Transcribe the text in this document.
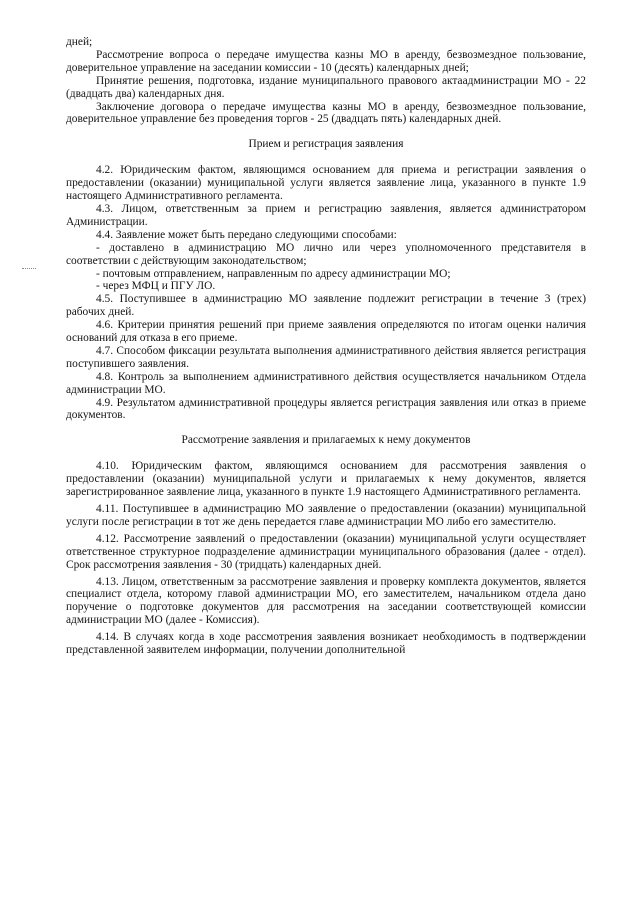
дней;

Рассмотрение вопроса о передаче имущества казны МО в аренду, безвозмездное пользование, доверительное управление на заседании комиссии - 10 (десять) календарных дней;

Принятие решения, подготовка, издание муниципального правового актаадминистрации МО - 22 (двадцать два) календарных дня.

Заключение договора о передаче имущества казны МО в аренду, безвозмездное пользование, доверительное управление без проведения торгов - 25 (двадцать пять) календарных дней.

Прием и регистрация заявления

4.2. Юридическим фактом, являющимся основанием для приема и регистрации заявления о предоставлении (оказании) муниципальной услуги является заявление лица, указанного в пункте 1.9 настоящего Административного регламента.

4.3. Лицом, ответственным за прием и регистрацию заявления, является администратором Администрации.

4.4. Заявление может быть передано следующими способами:

- доставлено в администрацию МО лично или через уполномоченного представителя в соответствии с действующим законодательством;

- почтовым отправлением, направленным по адресу администрации МО;

- через МФЦ и ПГУ ЛО.

4.5. Поступившее в администрацию МО заявление подлежит регистрации в течение 3 (трех) рабочих дней.

4.6. Критерии принятия решений при приеме заявления определяются по итогам оценки наличия оснований для отказа в его приеме.

4.7. Способом фиксации результата выполнения административного действия является регистрация поступившего заявления.

4.8. Контроль за выполнением административного действия осуществляется начальником Отдела администрации МО.

4.9. Результатом административной процедуры является регистрация заявления или отказ в приеме документов.

Рассмотрение заявления и прилагаемых к нему документов

4.10. Юридическим фактом, являющимся основанием для рассмотрения заявления о предоставлении (оказании) муниципальной услуги и прилагаемых к нему документов, является зарегистрированное заявление лица, указанного в пункте 1.9 настоящего Административного регламента.

4.11. Поступившее в администрацию МО заявление о предоставлении (оказании) муниципальной услуги после регистрации в тот же день передается главе администрации МО либо его заместителю.

4.12. Рассмотрение заявлений о предоставлении (оказании) муниципальной услуги осуществляет ответственное структурное подразделение администрации муниципального образования (далее - отдел). Срок рассмотрения заявления - 30 (тридцать) календарных дней.

4.13. Лицом, ответственным за рассмотрение заявления и проверку комплекта документов, является специалист отдела, которому главой администрации МО, его заместителем, начальником отдела дано поручение о подготовке документов для рассмотрения на заседании соответствующей комиссии администрации МО (далее - Комиссия).

4.14. В случаях когда в ходе рассмотрения заявления возникает необходимость в подтверждении представленной заявителем информации, получении дополнительной
